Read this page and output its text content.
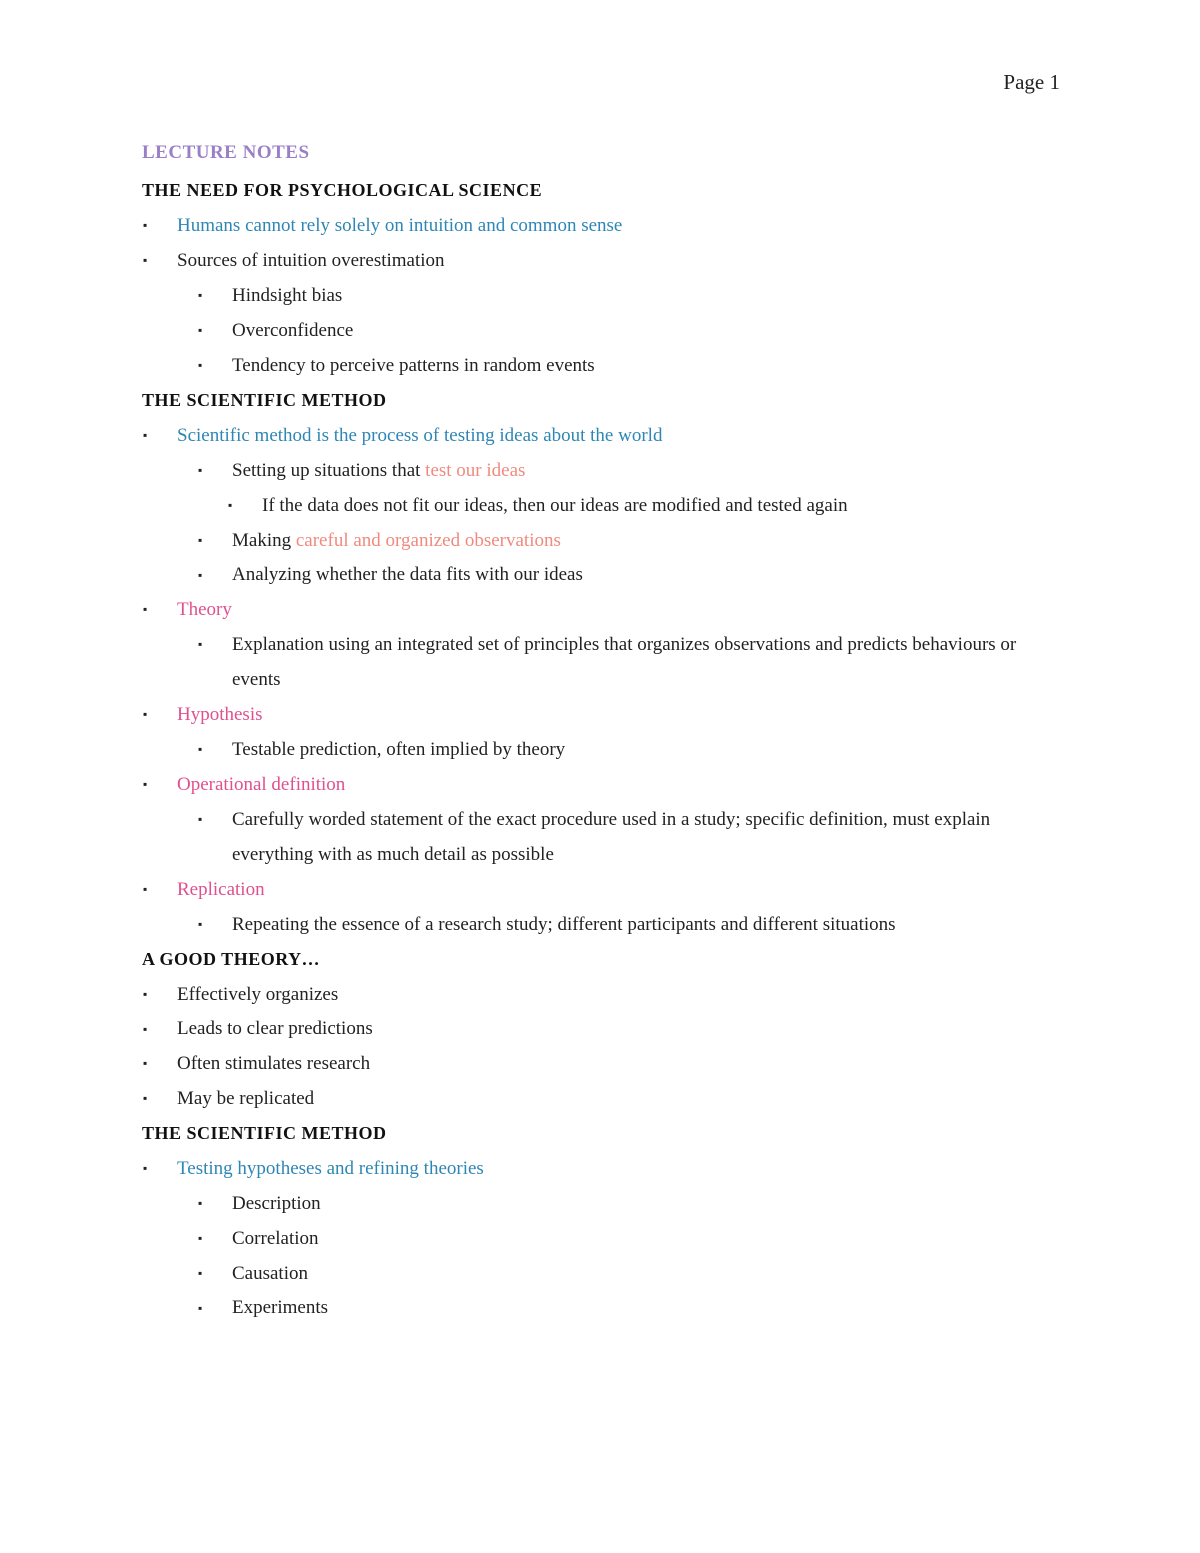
Page 1
LECTURE NOTES
THE NEED FOR PSYCHOLOGICAL SCIENCE
▪ Humans cannot rely solely on intuition and common sense
▪ Sources of intuition overestimation
▪ Hindsight bias
▪ Overconfidence
▪ Tendency to perceive patterns in random events
THE SCIENTIFIC METHOD
▪ Scientific method is the process of testing ideas about the world
▪ Setting up situations that test our ideas
▪ If the data does not fit our ideas, then our ideas are modified and tested again
▪ Making careful and organized observations
▪ Analyzing whether the data fits with our ideas
▪ Theory
▪ Explanation using an integrated set of principles that organizes observations and predicts behaviours or events
▪ Hypothesis
▪ Testable prediction, often implied by theory
▪ Operational definition
▪ Carefully worded statement of the exact procedure used in a study; specific definition, must explain everything with as much detail as possible
▪ Replication
▪ Repeating the essence of a research study; different participants and different situations
A GOOD THEORY…
▪ Effectively organizes
▪ Leads to clear predictions
▪ Often stimulates research
▪ May be replicated
THE SCIENTIFIC METHOD
▪ Testing hypotheses and refining theories
▪ Description
▪ Correlation
▪ Causation
▪ Experiments
